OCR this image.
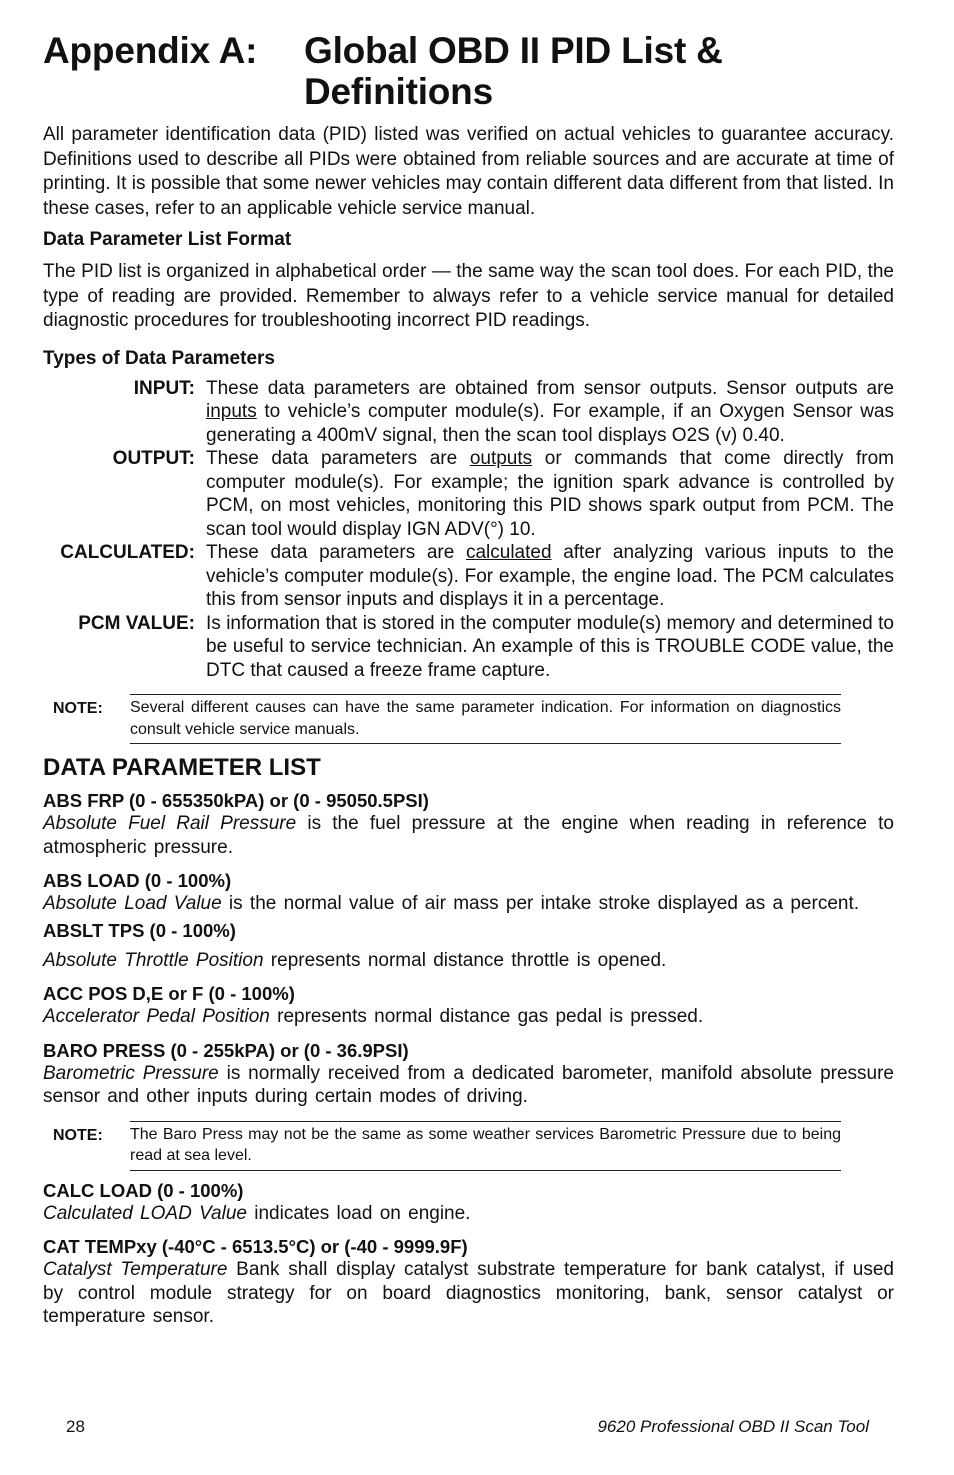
Appendix A:	Global OBD II PID List &
Definitions

All parameter identification data (PID) listed was verified on actual vehicles to guarantee accuracy. Definitions used to describe all PIDs were obtained from reliable sources and are accurate at time of printing. It is possible that some newer vehicles may contain different data different from that listed. In these cases, refer to an applicable vehicle service manual.

Data Parameter List Format

The PID list is organized in alphabetical order — the same way the scan tool does. For each PID, the type of reading are provided. Remember to always refer to a vehicle service manual for detailed diagnostic procedures for troubleshooting incorrect PID readings.

Types of Data Parameters
INPUT: These data parameters are obtained from sensor outputs. Sensor outputs are inputs to vehicle’s computer module(s). For example, if an Oxygen Sensor was generating a 400mV signal, then the scan tool displays O2S (v) 0.40.
OUTPUT: These data parameters are outputs or commands that come directly from computer module(s). For example; the ignition spark advance is controlled by PCM, on most vehicles, monitoring this PID shows spark output from PCM. The scan tool would display IGN ADV(°) 10.
CALCULATED: These data parameters are calculated after analyzing various inputs to the vehicle’s computer module(s). For example, the engine load. The PCM calculates this from sensor inputs and displays it in a percentage.
PCM VALUE: Is information that is stored in the computer module(s) memory and determined to be useful to service technician. An example of this is TROUBLE CODE value, the DTC that caused a freeze frame capture.
NOTE:	Several different causes can have the same parameter indication. For information on diagnostics consult vehicle service manuals.
DATA PARAMETER LIST
ABS FRP (0 - 655350kPA) or (0 - 95050.5PSI)
Absolute Fuel Rail Pressure is the fuel pressure at the engine when reading in reference to atmospheric pressure.
ABS LOAD (0 - 100%)
Absolute Load Value is the normal value of air mass per intake stroke displayed as a percent.
ABSLT TPS (0 - 100%)
Absolute Throttle Position represents normal distance throttle is opened.
ACC POS D,E or F (0 - 100%)
Accelerator Pedal Position represents normal distance gas pedal is pressed.
BARO PRESS (0 - 255kPA) or (0 - 36.9PSI)
Barometric Pressure is normally received from a dedicated barometer, manifold absolute pressure sensor and other inputs during certain modes of driving.
NOTE:	The Baro Press may not be the same as some weather services Barometric Pressure due to being read at sea level.
CALC LOAD (0 - 100%)
Calculated LOAD Value indicates load on engine.
CAT TEMPxy (-40°C - 6513.5°C) or (-40 - 9999.9F)
Catalyst Temperature Bank shall display catalyst substrate temperature for bank catalyst, if used by control module strategy for on board diagnostics monitoring, bank, sensor catalyst or temperature sensor.
28	9620 Professional OBD II Scan Tool
